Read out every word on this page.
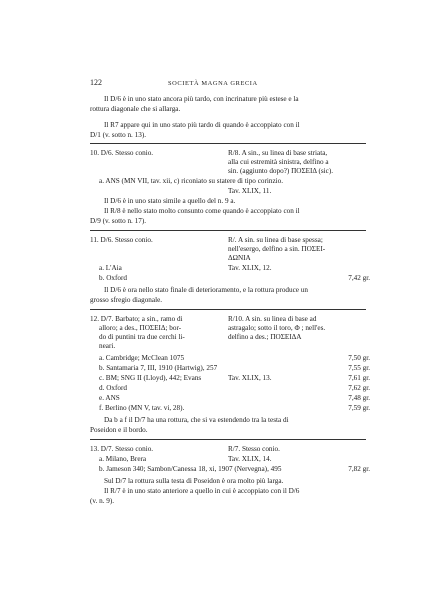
122	SOCIETÀ MAGNA GRECIA
Il D/6 è in uno stato ancora più tardo, con incrinature più estese e la
rottura diagonale che si allarga.
Il R7 appare qui in uno stato più tardo di quando è accoppiato con il
D/1 (v. sotto n. 13).
10. D/6. Stesso conio.	R/8. A sin., su linea di base striata,
alla cui estremità sinistra, delfino a
sin. (aggiunto dopo?) ΠΟΣΕΙΔ (sic).
a. ANS (MN VII, tav. xii, c) riconiato su statere di tipo corinzio.
Tav. XLIX, 11.
Il D/6 è in uno stato simile a quello del n. 9 a.
Il R/8 è nello stato molto consunto come quando è accoppiato con il
D/9 (v. sotto n. 17).
11. D/6. Stesso conio.	R/. A sin. su linea di base spessa;
nell'esergo, delfino a sin. ΠΟΣΕΙ-
ΔΩΝΙΑ
a. L'Aia	Tav. XLIX, 12.
b. Oxford	7,42 gr.
Il D/6 è ora nello stato finale di deterioramento, e la rottura produce un
grosso sfregio diagonale.
12. D/7. Barbato; a sin., ramo di
alloro; a des., ΠΟΣΕΙΔ; bor-
do di puntini tra due cerchi li-
neari.
R/10. A sin. su linea di base ad
astragalo; sotto il toro, Φ ; nell'es.
delfino a des.; ΠΟΣΕΙΔΑ
a. Cambridge; McClean 1075	7,50 gr.
b. Santamaria 7, III, 1910 (Hartwig), 257	7,55 gr.
c. BM; SNG II (Lloyd), 442; Evans	Tav. XLIX, 13.	7,61 gr.
d. Oxford	7,62 gr.
e. ANS	7,48 gr.
f. Berlino (MN V, tav. vi, 28).	7,59 gr.
Da b a f il D/7 ha una rottura, che si va estendendo tra la testa di
Poseidon e il bordo.
13. D/7. Stesso conio.	R/7. Stesso conio.
a. Milano, Brera	Tav. XLIX, 14.
b. Jameson 340; Sambon/Canessa 18, xi, 1907 (Nervegna), 495	7,82 gr.
Sul D/7 la rottura sulla testa di Poseidon è ora molto più larga.
Il R/7 è in uno stato anteriore a quello in cui è accoppiato con il D/6
(v. n. 9).
